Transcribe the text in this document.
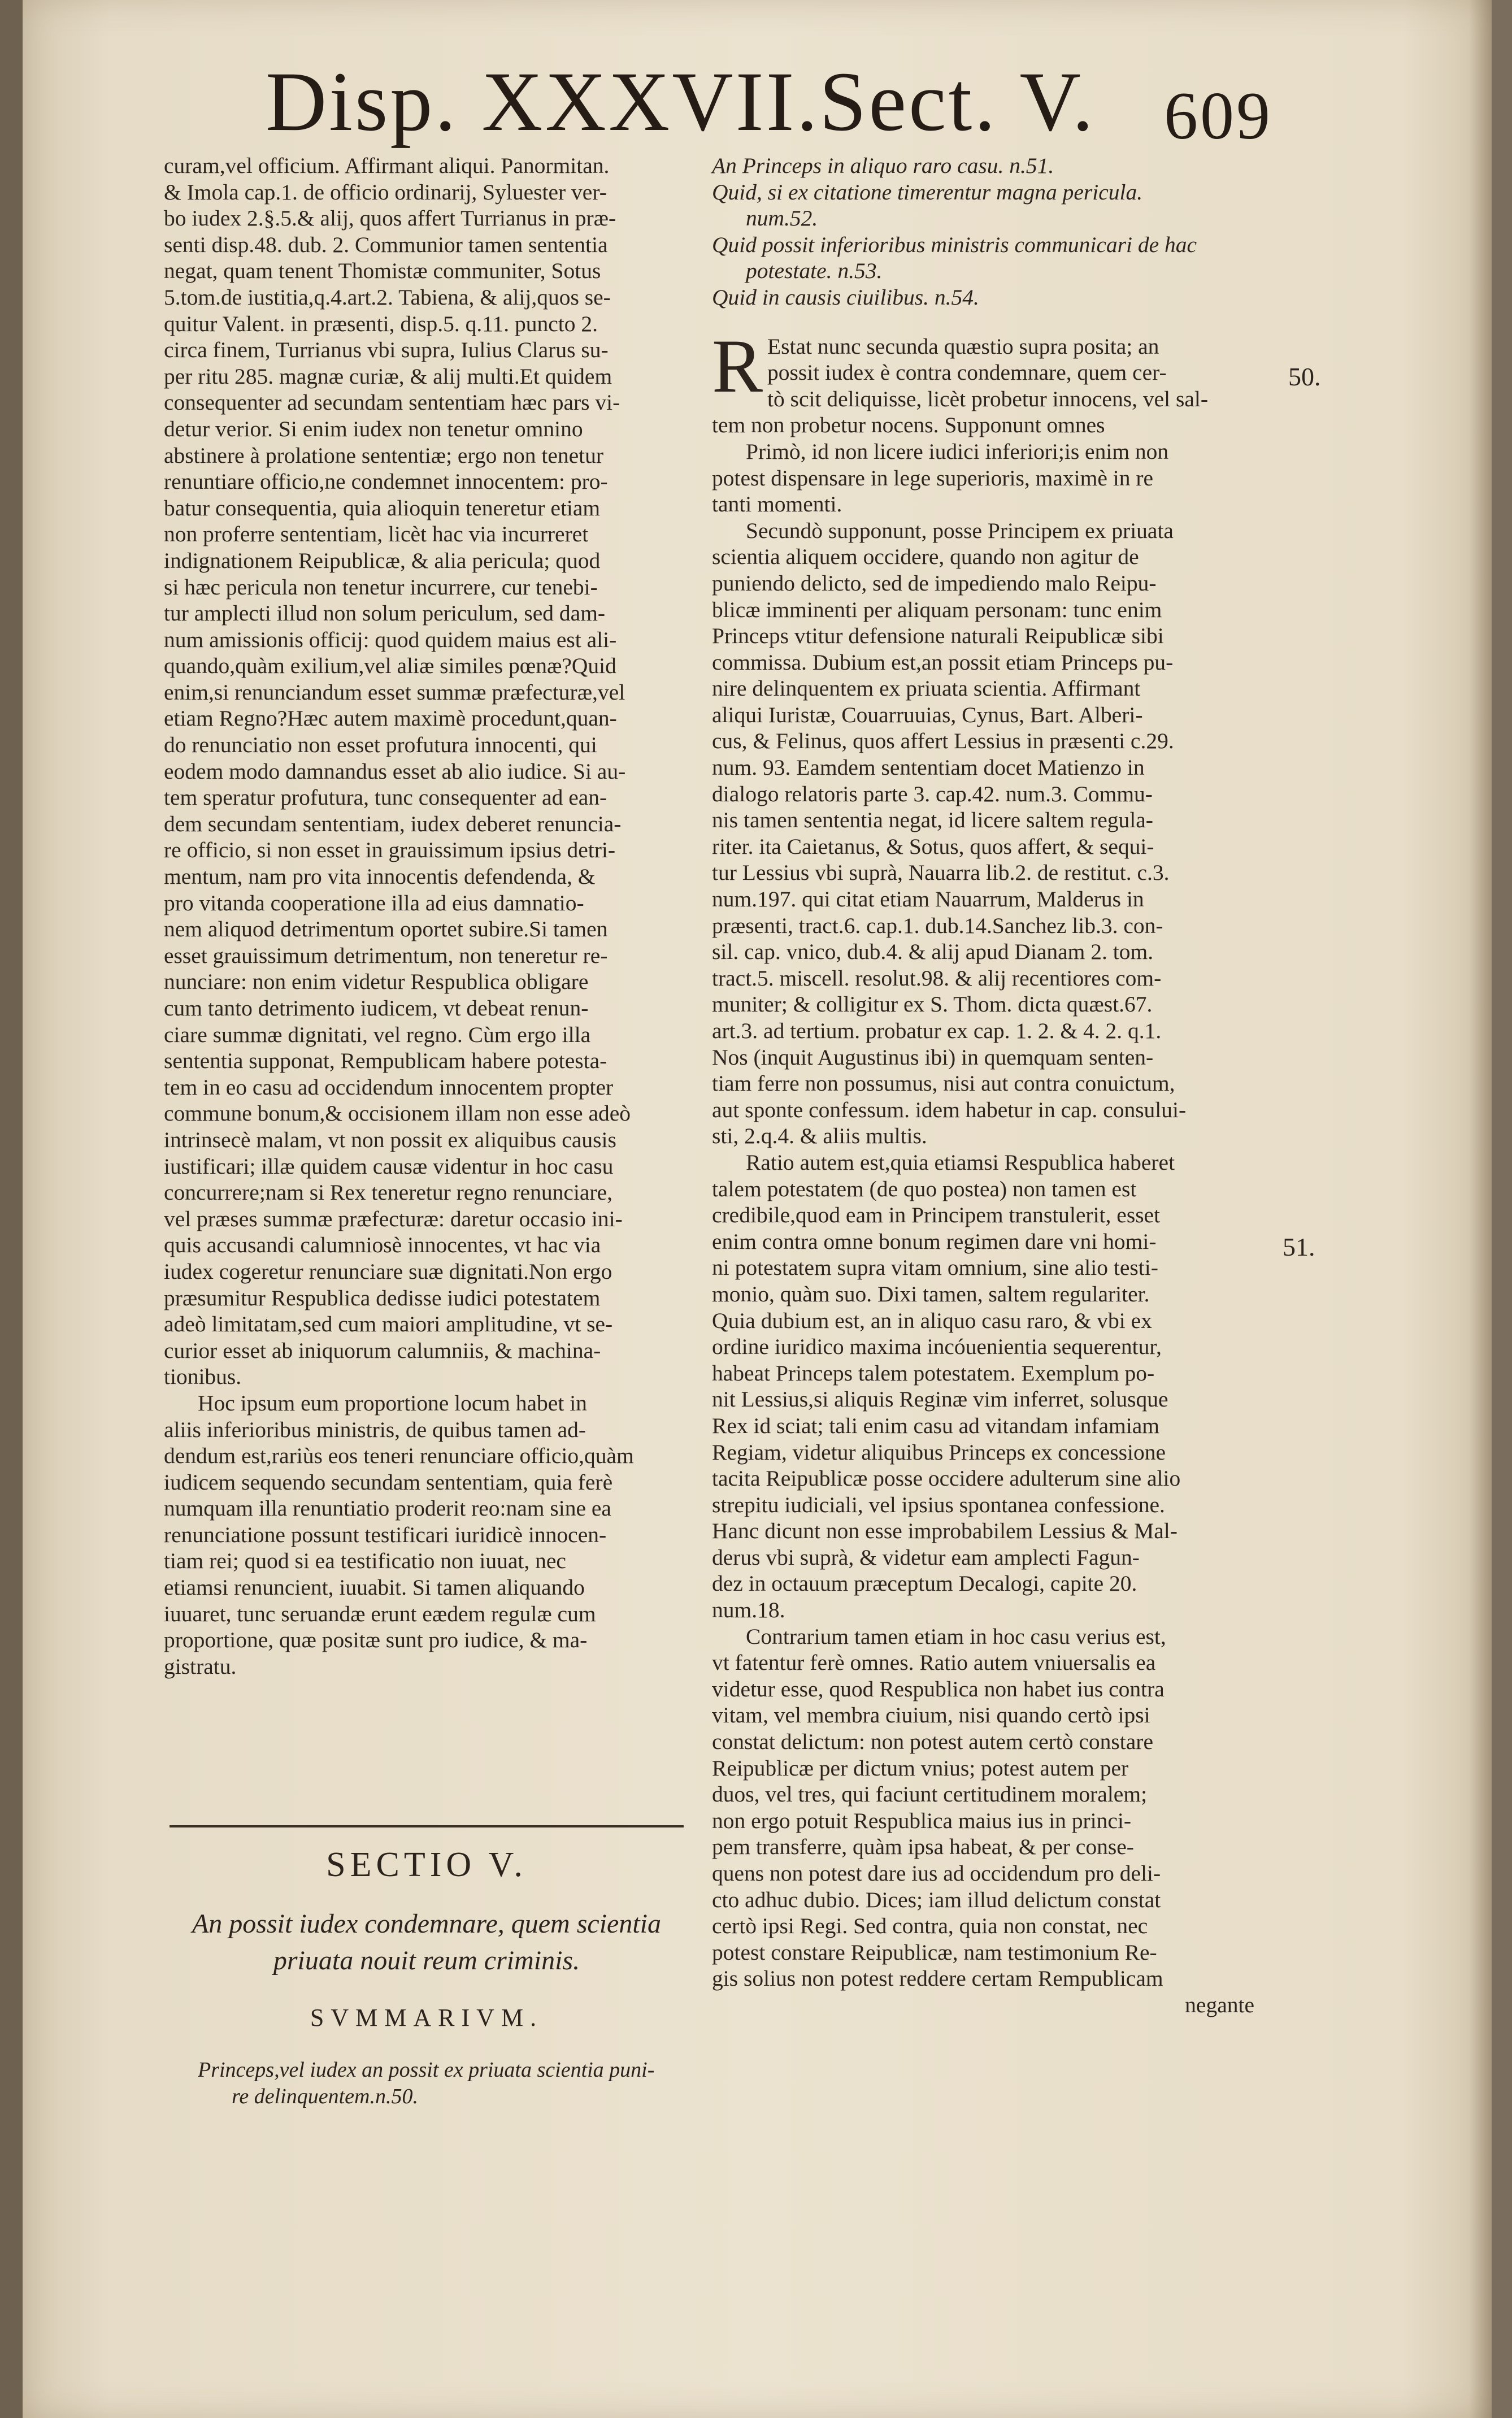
Disp. XXXVII.
Sect. V. 609
curam,vel officium. Affirmant aliqui. Panormitan.
& Imola cap.1. de officio ordinarij, Syluester ver-
bo iudex 2.§.5.& alij, quos affert Turrianus in præ-
senti disp.48. dub. 2. Communior tamen sententia
negat, quam tenent Thomistæ communiter, Sotus
5.tom.de iustitia,q.4.art.2. Tabiena, & alij,quos se-
quitur Valent. in præsenti, disp.5. q.11. puncto 2.
circa finem, Turrianus vbi supra, Iulius Clarus su-
per ritu 285. magnæ curiæ, & alij multi.Et quidem
consequenter ad secundam sententiam hæc pars vi-
detur verior. Si enim iudex non tenetur omnino
abstinere à prolatione sententiæ; ergo non tenetur
renuntiare officio,ne condemnet innocentem: pro-
batur consequentia, quia alioquin teneretur etiam
non proferre sententiam, licèt hac via incurreret
indignationem Reipublicæ, & alia pericula; quod
si hæc pericula non tenetur incurrere, cur tenebi-
tur amplecti illud non solum periculum, sed dam-
num amissionis officij: quod quidem maius est ali-
quando,quàm exilium,vel aliæ similes pœnæ?Quid
enim,si renunciandum esset summæ præfecturæ,vel
etiam Regno?Hæc autem maximè procedunt,quan-
do renunciatio non esset profutura innocenti, qui
eodem modo damnandus esset ab alio iudice. Si au-
tem speratur profutura, tunc consequenter ad ean-
dem secundam sententiam, iudex deberet renuncia-
re officio, si non esset in grauissimum ipsius detri-
mentum, nam pro vita innocentis defendenda, &
pro vitanda cooperatione illa ad eius damnatio-
nem aliquod detrimentum oportet subire.Si tamen
esset grauissimum detrimentum, non teneretur re-
nunciare: non enim videtur Respublica obligare
cum tanto detrimento iudicem, vt debeat renun-
ciare summæ dignitati, vel regno. Cùm ergo illa
sententia supponat, Rempublicam habere potesta-
tem in eo casu ad occidendum innocentem propter
commune bonum,& occisionem illam non esse adeò
intrinsecè malam, vt non possit ex aliquibus causis
iustificari; illæ quidem causæ videntur in hoc casu
concurrere;nam si Rex teneretur regno renunciare,
vel præses summæ præfecturæ: daretur occasio ini-
quis accusandi calumniosè innocentes, vt hac via
iudex cogeretur renunciare suæ dignitati.Non ergo
præsumitur Respublica dedisse iudici potestatem
adeò limitatam,sed cum maiori amplitudine, vt se-
curior esset ab iniquorum calumniis, & machina-
tionibus.
Hoc ipsum eum proportione locum habet in
aliis inferioribus ministris, de quibus tamen ad-
dendum est,rariùs eos teneri renunciare officio,quàm
iudicem sequendo secundam sententiam, quia ferè
numquam illa renuntiatio proderit reo:nam sine ea
renunciatione possunt testificari iuridicè innocen-
tiam rei; quod si ea testificatio non iuuat, nec
etiamsi renuncient, iuuabit. Si tamen aliquando
iuuaret, tunc seruandæ erunt eædem regulæ cum
proportione, quæ positæ sunt pro iudice, & ma-
gistratu.
SECTIO V.
An possit iudex condemnare, quem scientia
priuata nouit reum criminis.
SVMMARIVM.
Princeps,vel iudex an possit ex priuata scientia puni-
re delinquentem.n.50.
An Princeps in aliquo raro casu. n.51.
Quid, si ex citatione timerentur magna pericula.
num.52.
Quid possit inferioribus ministris communicari de hac
potestate. n.53.
Quid in causis ciuilibus. n.54.
R Estat nunc secunda quæstio supra posita; an
possit iudex è contra condemnare, quem cer-
tò scit deliquisse, licèt probetur innocens, vel sal-
tem non probetur nocens. Supponunt omnes
Primò, id non licere iudici inferiori;is enim non
potest dispensare in lege superioris, maximè in re
tanti momenti.
Secundò supponunt, posse Principem ex priuata
scientia aliquem occidere, quando non agitur de
puniendo delicto, sed de impediendo malo Reipu-
blicæ imminenti per aliquam personam: tunc enim
Princeps vtitur defensione naturali Reipublicæ sibi
commissa. Dubium est,an possit etiam Princeps pu-
nire delinquentem ex priuata scientia. Affirmant
aliqui Iuristæ, Couarruuias, Cynus, Bart. Alberi-
cus, & Felinus, quos affert Lessius in præsenti c.29.
num. 93. Eamdem sententiam docet Matienzo in
dialogo relatoris parte 3. cap.42. num.3. Commu-
nis tamen sententia negat, id licere saltem regula-
riter. ita Caietanus, & Sotus, quos affert, & sequi-
tur Lessius vbi suprà, Nauarra lib.2. de restitut. c.3.
num.197. qui citat etiam Nauarrum, Malderus in
præsenti, tract.6. cap.1. dub.14.Sanchez lib.3. con-
sil. cap. vnico, dub.4. & alij apud Dianam 2. tom.
tract.5. miscell. resolut.98. & alij recentiores com-
muniter; & colligitur ex S. Thom. dicta quæst.67.
art.3. ad tertium. probatur ex cap. 1. 2. & 4. 2. q.1.
Nos (inquit Augustinus ibi) in quemquam senten-
tiam ferre non possumus, nisi aut contra conuictum,
aut sponte confessum. idem habetur in cap. consului-
sti, 2.q.4. & aliis multis.
Ratio autem est,quia etiamsi Respublica haberet
talem potestatem (de quo postea) non tamen est
credibile,quod eam in Principem transtulerit, esset
enim contra omne bonum regimen dare vni homi-
ni potestatem supra vitam omnium, sine alio testi-
monio, quàm suo. Dixi tamen, saltem regulariter.
Quia dubium est, an in aliquo casu raro, & vbi ex
ordine iuridico maxima incóuenientia sequerentur,
habeat Princeps talem potestatem. Exemplum po-
nit Lessius,si aliquis Reginæ vim inferret, solusque
Rex id sciat; tali enim casu ad vitandam infamiam
Regiam, videtur aliquibus Princeps ex concessione
tacita Reipublicæ posse occidere adulterum sine alio
strepitu iudiciali, vel ipsius spontanea confessione.
Hanc dicunt non esse improbabilem Lessius & Mal-
derus vbi suprà, & videtur eam amplecti Fagun-
dez in octauum præceptum Decalogi, capite 20.
num.18.
Contrarium tamen etiam in hoc casu verius est,
vt fatentur ferè omnes. Ratio autem vniuersalis ea
videtur esse, quod Respublica non habet ius contra
vitam, vel membra ciuium, nisi quando certò ipsi
constat delictum: non potest autem certò constare
Reipublicæ per dictum vnius; potest autem per
duos, vel tres, qui faciunt certitudinem moralem;
non ergo potuit Respublica maius ius in princi-
pem transferre, quàm ipsa habeat, & per conse-
quens non potest dare ius ad occidendum pro deli-
cto adhuc dubio. Dices; iam illud delictum constat
certò ipsi Regi. Sed contra, quia non constat, nec
potest constare Reipublicæ, nam testimonium Re-
gis solius non potest reddere certam Rempublicam
negante
50.
51.
